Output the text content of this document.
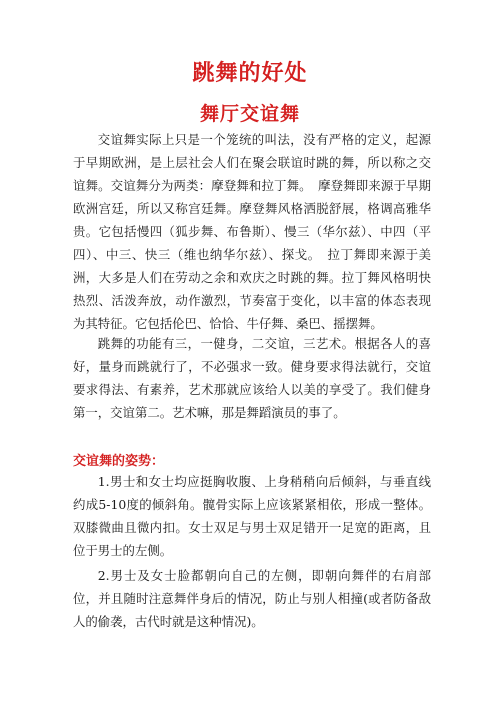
跳舞的好处
舞厅交谊舞

交谊舞实际上只是一个笼统的叫法，没有严格的定义，起源于早期欧洲，是上层社会人们在聚会联谊时跳的舞，所以称之交谊舞。交谊舞分为两类：摩登舞和拉丁舞。　摩登舞即来源于早期欧洲宫廷，所以又称宫廷舞。摩登舞风格洒脱舒展，格调高雅华贵。它包括慢四（狐步舞、布鲁斯）、慢三（华尔兹）、中四（平四）、中三、快三（维也纳华尔兹）、探戈。　拉丁舞即来源于美洲，大多是人们在劳动之余和欢庆之时跳的舞。拉丁舞风格明快热烈、活泼奔放，动作激烈，节奏富于变化，以丰富的体态表现为其特征。它包括伦巴、恰恰、牛仔舞、桑巴、摇摆舞。

跳舞的功能有三，一健身，二交谊，三艺术。根据各人的喜好，量身而跳就行了，不必强求一致。健身要求得法就行，交谊要求得法、有素养，艺术那就应该给人以美的享受了。我们健身第一，交谊第二。艺术嘛，那是舞蹈演员的事了。

交谊舞的姿势：

1.男士和女士均应挺胸收腹、上身稍稍向后倾斜，与垂直线约成5-10度的倾斜角。髋骨实际上应该紧紧相依，形成一整体。双膝微曲且微内扣。女士双足与男士双足错开一足宽的距离，且位于男士的左侧。

2.男士及女士脸都朝向自己的左侧，即朝向舞伴的右肩部位，并且随时注意舞伴身后的情况，防止与别人相撞(或者防备敌人的偷袭，古代时就是这种情况)。
